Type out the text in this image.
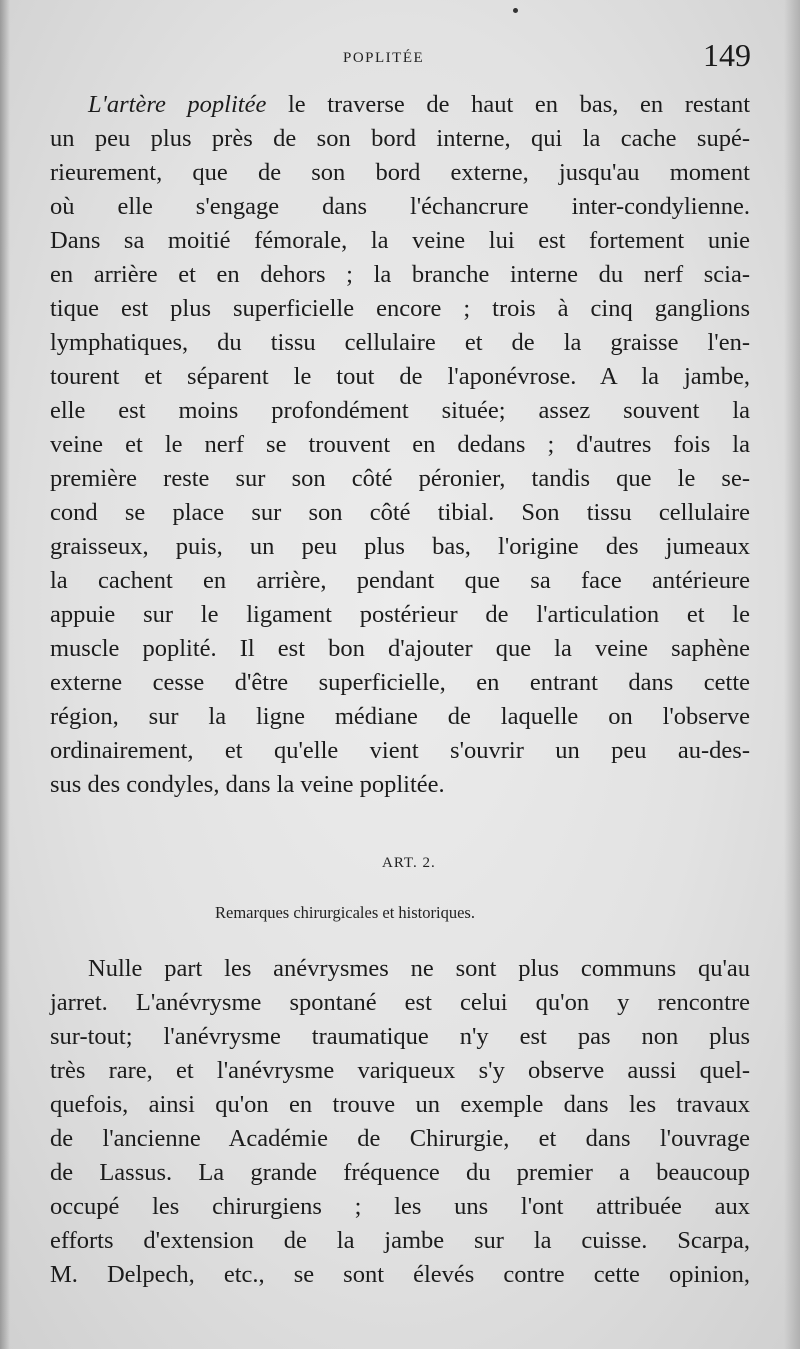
POPLITÉE	149
L'artère poplitée le traverse de haut en bas, en restant
un peu plus près de son bord interne, qui la cache supé-
rieurement, que de son bord externe, jusqu'au moment
où elle s'engage dans l'échancrure inter-condylienne.
Dans sa moitié fémorale, la veine lui est fortement unie
en arrière et en dehors ; la branche interne du nerf scia-
tique est plus superficielle encore ; trois à cinq ganglions
lymphatiques, du tissu cellulaire et de la graisse l'en-
tourent et séparent le tout de l'aponévrose. A la jambe,
elle est moins profondément située; assez souvent la
veine et le nerf se trouvent en dedans ; d'autres fois la
première reste sur son côté péronier, tandis que le se-
cond se place sur son côté tibial. Son tissu cellulaire
graisseux, puis, un peu plus bas, l'origine des jumeaux
la cachent en arrière, pendant que sa face antérieure
appuie sur le ligament postérieur de l'articulation et le
muscle poplité. Il est bon d'ajouter que la veine saphène
externe cesse d'être superficielle, en entrant dans cette
région, sur la ligne médiane de laquelle on l'observe
ordinairement, et qu'elle vient s'ouvrir un peu au-des-
sus des condyles, dans la veine poplitée.
ART. 2.
Remarques chirurgicales et historiques.
Nulle part les anévrysmes ne sont plus communs qu'au
jarret. L'anévrysme spontané est celui qu'on y rencontre
sur-tout; l'anévrysme traumatique n'y est pas non plus
très rare, et l'anévrysme variqueux s'y observe aussi quel-
quefois, ainsi qu'on en trouve un exemple dans les travaux
de l'ancienne Académie de Chirurgie, et dans l'ouvrage
de Lassus. La grande fréquence du premier a beaucoup
occupé les chirurgiens ; les uns l'ont attribuée aux
efforts d'extension de la jambe sur la cuisse. Scarpa,
M. Delpech, etc., se sont élevés contre cette opinion,
